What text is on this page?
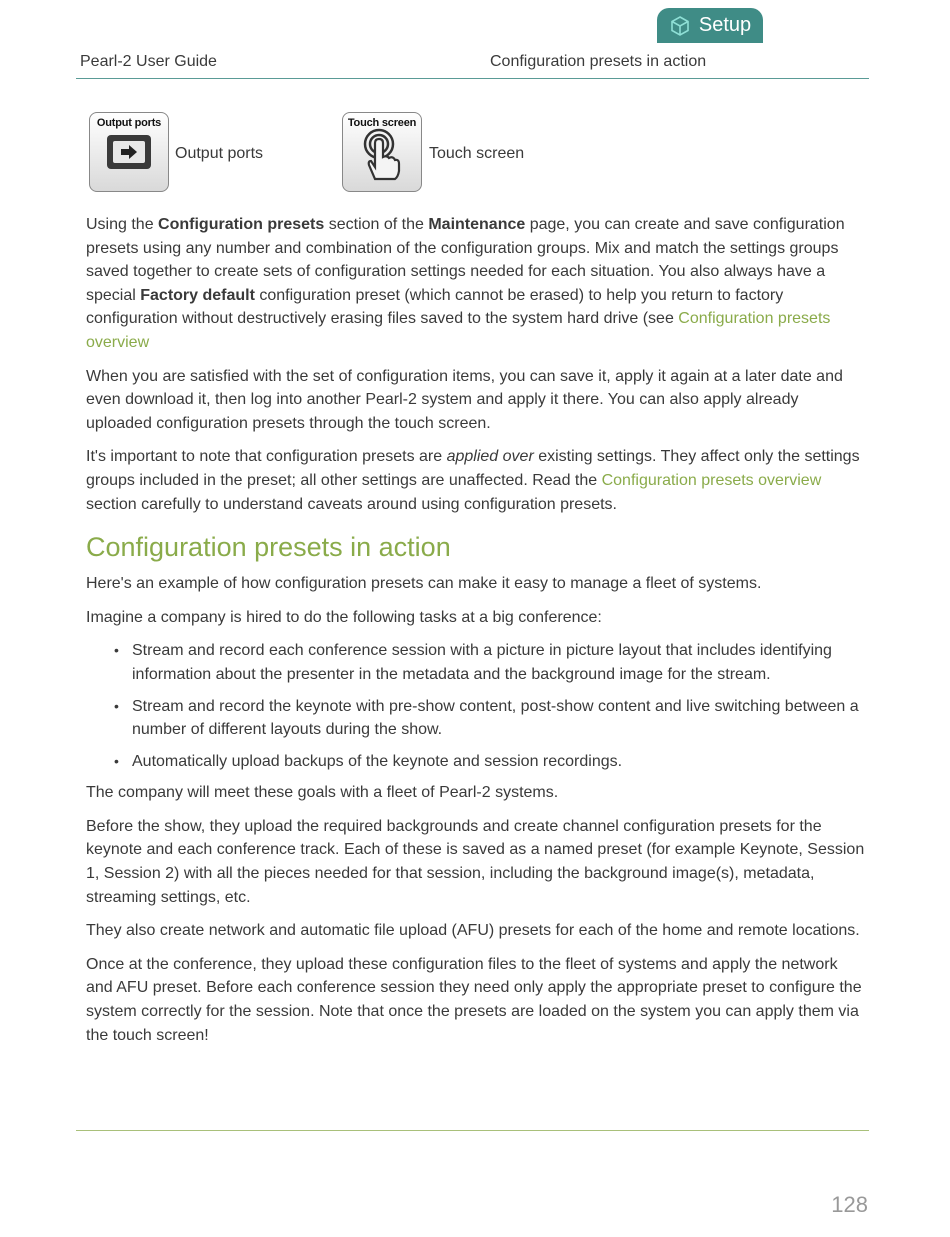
Setup
Pearl-2 User Guide	Configuration presets in action
Output ports
Output ports
Touch screen
Touch screen

Using the Configuration presets section of the Maintenance page, you can create and save configuration presets using any number and combination of the configuration groups. Mix and match the settings groups saved together to create sets of configuration settings needed for each situation. You also always have a special Factory default configuration preset (which cannot be erased) to help you return to factory configuration without destructively erasing files saved to the system hard drive (see Configuration presets overview

When you are satisfied with the set of configuration items, you can save it, apply it again at a later date and even download it, then log into another Pearl-2 system and apply it there. You can also apply already uploaded configuration presets through the touch screen.

It's important to note that configuration presets are applied over existing settings. They affect only the settings groups included in the preset; all other settings are unaffected. Read the Configuration presets overview section carefully to understand caveats around using configuration presets.

Configuration presets in action

Here's an example of how configuration presets can make it easy to manage a fleet of systems.

Imagine a company is hired to do the following tasks at a big conference:

• Stream and record each conference session with a picture in picture layout that includes identifying information about the presenter in the metadata and the background image for the stream.
• Stream and record the keynote with pre-show content, post-show content and live switching between a number of different layouts during the show.
• Automatically upload backups of the keynote and session recordings.

The company will meet these goals with a fleet of Pearl-2 systems.

Before the show, they upload the required backgrounds and create channel configuration presets for the keynote and each conference track. Each of these is saved as a named preset (for example Keynote, Session 1, Session 2) with all the pieces needed for that session, including the background image(s), metadata, streaming settings, etc.

They also create network and automatic file upload (AFU) presets for each of the home and remote locations.

Once at the conference, they upload these configuration files to the fleet of systems and apply the network and AFU preset. Before each conference session they need only apply the appropriate preset to configure the system correctly for the session. Note that once the presets are loaded on the system you can apply them via the touch screen!

128
